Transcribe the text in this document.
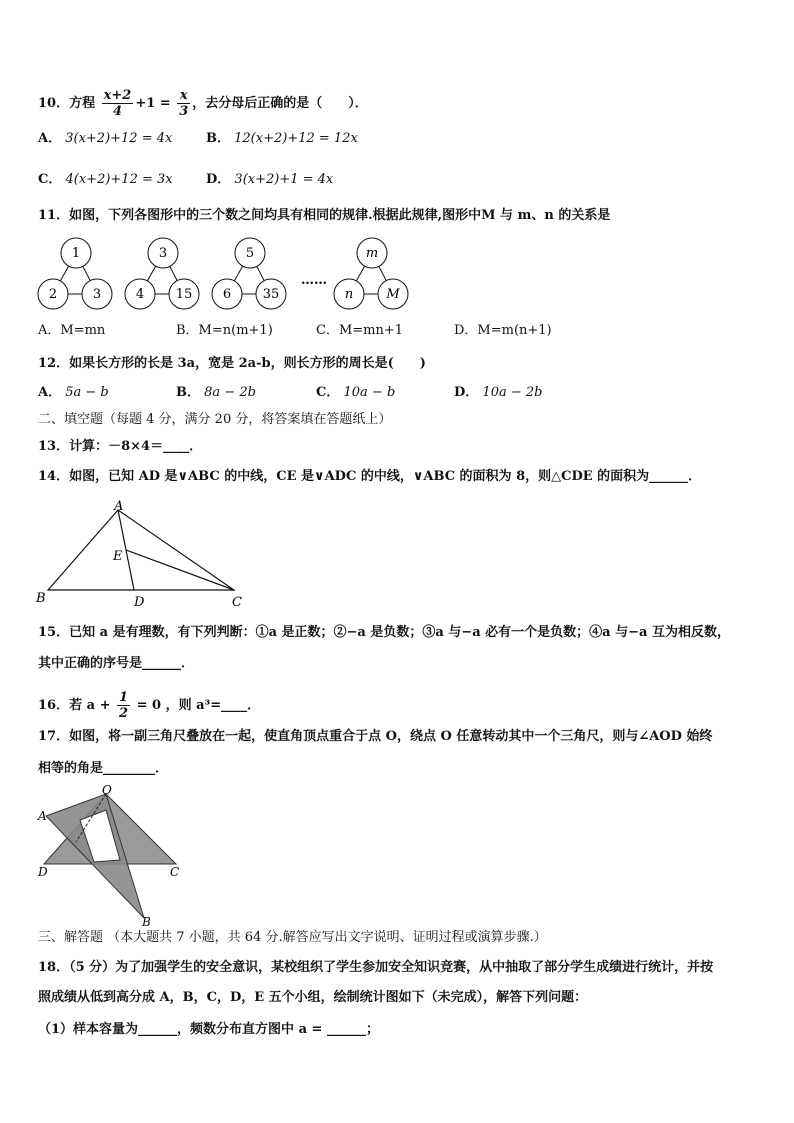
10．方程 $\frac{x+2}{4} +1 = \frac{x}{3}$ ，去分母后正确的是（　　）．
A． 3(x+2)+12 = 4x	B． 12(x+2)+12 = 12x
C． 4(x+2)+12 = 3x	D． 3(x+2)+1 = 4x
11．如图，下列各图形中的三个数之间均具有相同的规律.根据此规律,图形中M 与 m、n 的关系是
1
2	3
3
4 15
5
6 35
m
n	M
……
A．M=mn	B．M=n(m+1)	C．M=mn+1	D．M=m(n+1)
12．如果长方形的长是 3a，宽是 2a-b，则长方形的周长是(　　)
A． 5a − b	B． 8a − 2b	C． 10a − b	D． 10a − 2b
二、填空题（每题 4 分，满分 20 分，将答案填在答题纸上）
13．计算：－8×4＝____．
14．如图，已知 AD 是∨ABC 的中线，CE 是∨ADC 的中线，∨ABC 的面积为 8，则△CDE 的面积为______．
A
B	C
D
E
15．已知 a 是有理数，有下列判断：①a 是正数；②−a 是负数；③a 与−a 必有一个是负数；④a 与−a 互为相反数，
其中正确的序号是______．
16．若 $a + \frac{1}{2} = 0$ ，则 a³=____．
17．如图，将一副三角尺叠放在一起，使直角顶点重合于点 O，绕点 O 任意转动其中一个三角尺，则与∠AOD 始终
相等的角是________．
O
A
D	C
B
三、解答题 （本大题共 7 小题，共 64 分.解答应写出文字说明、证明过程或演算步骤.）
18．（5 分）为了加强学生的安全意识，某校组织了学生参加安全知识竞赛，从中抽取了部分学生成绩进行统计，并按
照成绩从低到高分成 A，B，C，D，E 五个小组，绘制统计图如下（未完成），解答下列问题：
（1）样本容量为______，频数分布直方图中 a = ______；
